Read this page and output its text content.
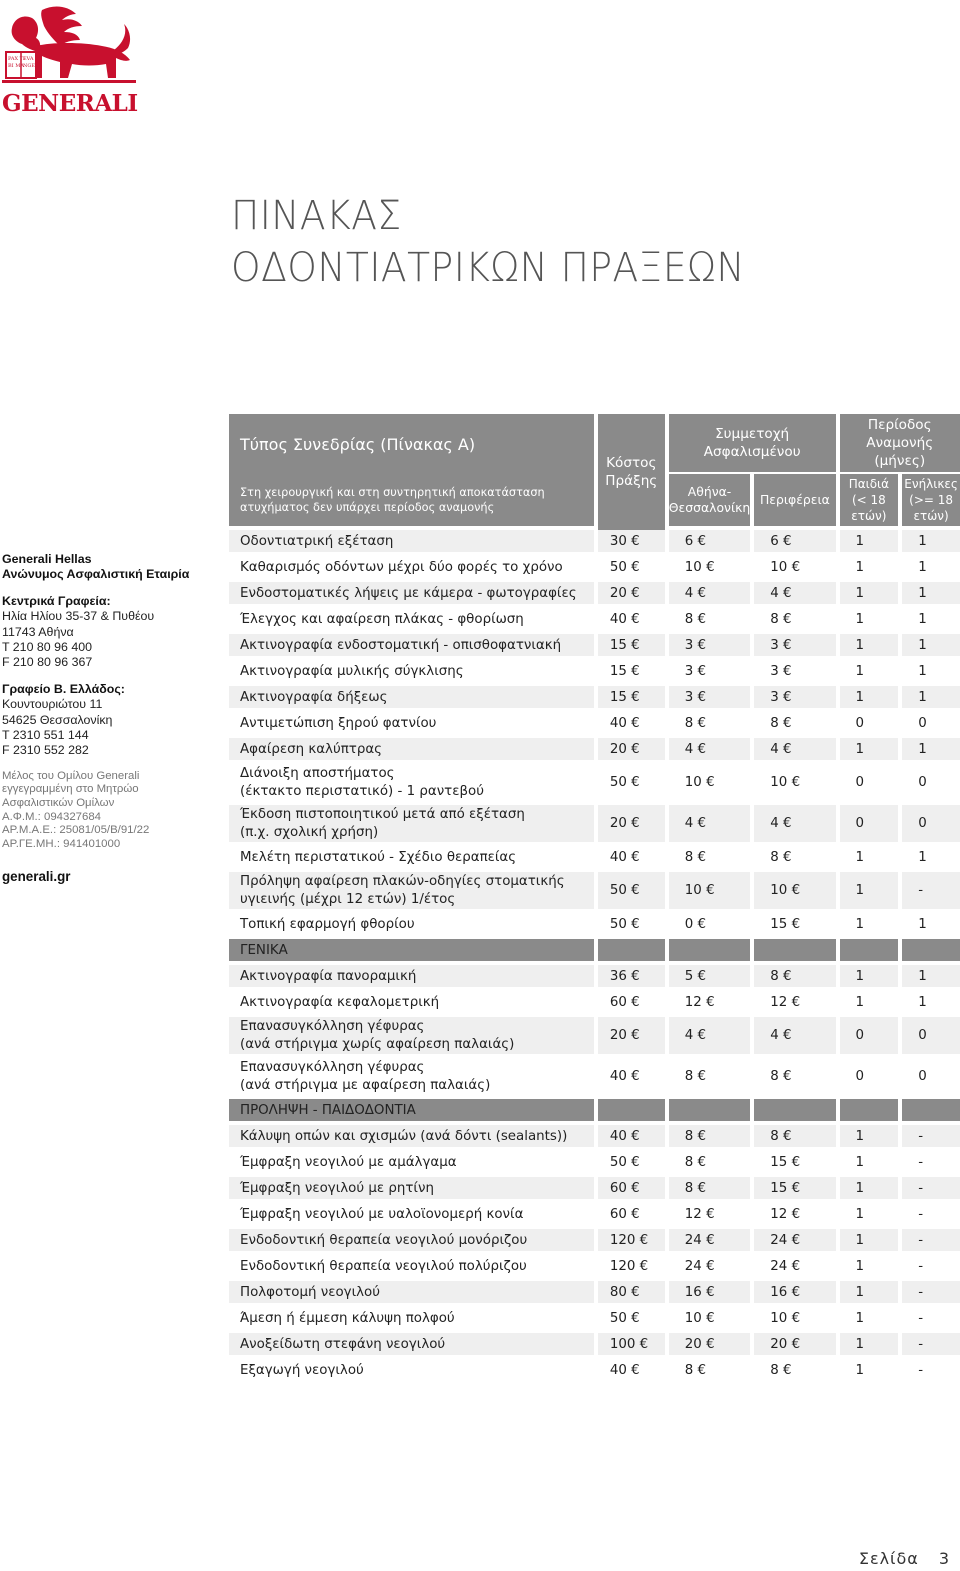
PAX TI
BI MA
EVA
NGE
GENERALI
ΠΙΝΑΚΑΣ
ΟΔΟΝΤΙΑΤΡΙΚΩΝ ΠΡΑΞΕΩΝ
Generali Hellas
Ανώνυμος Ασφαλιστική Εταιρία
Κεντρικά Γραφεία:
Ηλία Ηλίου 35-37 & Πυθέου
11743 Αθήνα
T 210 80 96 400
F 210 80 96 367
Γραφείο Β. Ελλάδος:
Κουντουριώτου 11
54625 Θεσσαλονίκη
T 2310 551 144
F 2310 552 282
Μέλος του Ομίλου Generali
εγγεγραμμένη στο Μητρώο
Ασφαλιστικών Ομίλων
Α.Φ.Μ.: 094327684
ΑΡ.Μ.Α.Ε.: 25081/05/Β/91/22
ΑΡ.ΓΕ.ΜΗ.: 941401000
generali.gr
Τύπος Συνεδρίας (Πίνακας Α)	Κόστος Πράξης	Συμμετοχή Ασφαλισμένου		Περίοδος Αναμονής (μήνες)	
Στη χειρουργική και στη συντηρητική αποκατάσταση ατυχήματος δεν υπάρχει περίοδος αναμονής		Αθήνα-Θεσσαλονίκη	Περιφέρεια	Παιδιά (< 18 ετών)	Ενήλικες (>= 18 ετών)
Οδοντιατρική εξέταση	30 €	6 €	6 €	1	1
Καθαρισμός οδόντων μέχρι δύο φορές το χρόνο	50 €	10 €	10 €	1	1
Ενδοστοματικές λήψεις με κάμερα - φωτογραφίες	20 €	4 €	4 €	1	1
Έλεγχος και αφαίρεση πλάκας - φθορίωση	40 €	8 €	8 €	1	1
Ακτινογραφία ενδοστοματική - οπισθοφατνιακή	15 €	3 €	3 €	1	1
Ακτινογραφία μυλικής σύγκλισης	15 €	3 €	3 €	1	1
Ακτινογραφία δήξεως	15 €	3 €	3 €	1	1
Αντιμετώπιση ξηρού φατνίου	40 €	8 €	8 €	0	0
Αφαίρεση καλύπτρας	20 €	4 €	4 €	1	1
Διάνοιξη αποστήματος
(έκτακτο περιστατικό) - 1 ραντεβού	50 €	10 €	10 €	0	0
Έκδοση πιστοποιητικού μετά από εξέταση
(π.χ. σχολική χρήση)	20 €	4 €	4 €	0	0
Μελέτη περιστατικού - Σχέδιο θεραπείας	40 €	8 €	8 €	1	1
Πρόληψη αφαίρεση πλακών-οδηγίες στοματικής
υγιεινής (μέχρι 12 ετών) 1/έτος	50 €	10 €	10 €	1	-
Τοπική εφαρμογή φθορίου	50 €	0 €	15 €	1	1
ΓΕΝΙΚΑ					
Ακτινογραφία πανοραμική	36 €	5 €	8 €	1	1
Ακτινογραφία κεφαλομετρική	60 €	12 €	12 €	1	1
Επανασυγκόλληση γέφυρας
(ανά στήριγμα χωρίς αφαίρεση παλαιάς)	20 €	4 €	4 €	0	0
Επανασυγκόλληση γέφυρας
(ανά στήριγμα με αφαίρεση παλαιάς)	40 €	8 €	8 €	0	0
ΠΡΟΛΗΨΗ - ΠΑΙΔΟΔΟΝΤΙΑ					
Κάλυψη οπών και σχισμών (ανά δόντι (sealants))	40 €	8 €	8 €	1	-
Έμφραξη νεογιλού με αμάλγαμα	50 €	8 €	15 €	1	-
Έμφραξη νεογιλού με ρητίνη	60 €	8 €	15 €	1	-
Έμφραξη νεογιλού με υαλοϊονομερή κονία	60 €	12 €	12 €	1	-
Ενδοδοντική θεραπεία νεογιλού μονόριζου	120 €	24 €	24 €	1	-
Ενδοδοντική θεραπεία νεογιλού πολύριζου	120 €	24 €	24 €	1	-
Πολφοτομή νεογιλού	80 €	16 €	16 €	1	-
Άμεση ή έμμεση κάλυψη πολφού	50 €	10 €	10 €	1	-
Ανοξείδωτη στεφάνη νεογιλού	100 €	20 €	20 €	1	-
Εξαγωγή νεογιλού	40 €	8 €	8 €	1	-
Σελίδα 3
